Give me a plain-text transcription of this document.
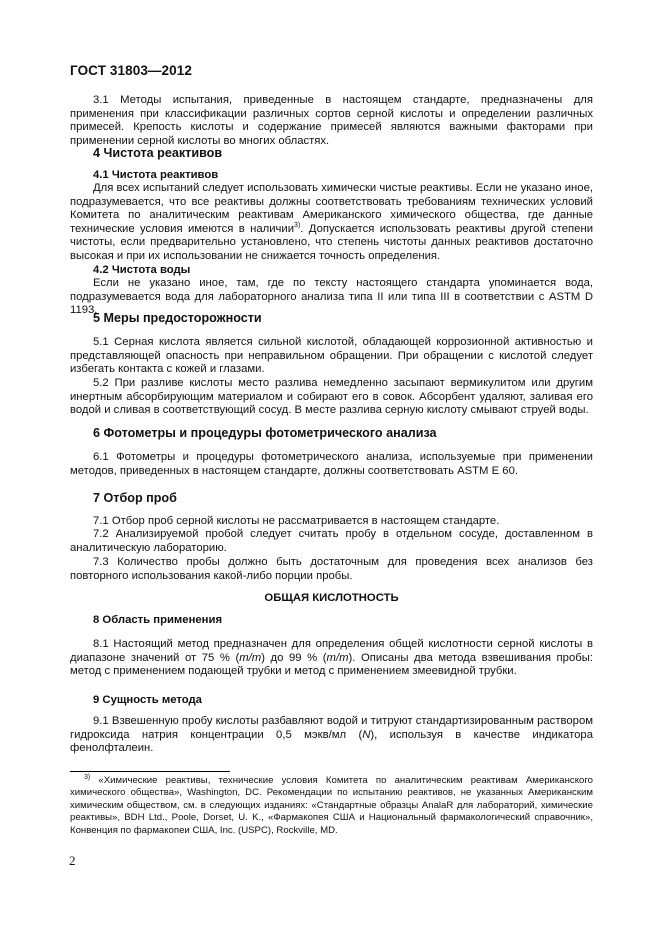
ГОСТ 31803—2012

3.1 Методы испытания, приведенные в настоящем стандарте, предназначены для применения при классификации различных сортов серной кислоты и определении различных примесей. Крепость кислоты и содержание примесей являются важными факторами при применении серной кислоты во многих областях.

4 Чистота реактивов

4.1 Чистота реактивов

Для всех испытаний следует использовать химически чистые реактивы. Если не указано иное, подразумевается, что все реактивы должны соответствовать требованиям технических условий Комитета по аналитическим реактивам Американского химического общества, где данные технические условия имеются в наличии$^{3)}$. Допускается использовать реактивы другой степени чистоты, если предварительно установлено, что степень чистоты данных реактивов достаточно высокая и при их использовании не снижается точность определения.

4.2 Чистота воды

Если не указано иное, там, где по тексту настоящего стандарта упоминается вода, подразумевается вода для лабораторного анализа типа II или типа III в соответствии с ASTM D 1193.

5 Меры предосторожности

5.1 Серная кислота является сильной кислотой, обладающей коррозионной активностью и представляющей опасность при неправильном обращении. При обращении с кислотой следует избегать контакта с кожей и глазами.

5.2 При разливе кислоты место разлива немедленно засыпают вермикулитом или другим инертным абсорбирующим материалом и собирают его в совок. Абсорбент удаляют, заливая его водой и сливая в соответствующий сосуд. В месте разлива серную кислоту смывают струей воды.

6 Фотометры и процедуры фотометрического анализа

6.1 Фотометры и процедуры фотометрического анализа, используемые при применении методов, приведенных в настоящем стандарте, должны соответствовать ASTM E 60.

7 Отбор проб

7.1 Отбор проб серной кислоты не рассматривается в настоящем стандарте.

7.2 Анализируемой пробой следует считать пробу в отдельном сосуде, доставленном в аналитическую лабораторию.

7.3 Количество пробы должно быть достаточным для проведения всех анализов без повторного использования какой-либо порции пробы.

ОБЩАЯ КИСЛОТНОСТЬ

8 Область применения

8.1 Настоящий метод предназначен для определения общей кислотности серной кислоты в диапазоне значений от 75 % (m/m) до 99 % (m/m). Описаны два метода взвешивания пробы: метод с применением подающей трубки и метод с применением змеевидной трубки.

9 Сущность метода

9.1 Взвешенную пробу кислоты разбавляют водой и титруют стандартизированным раствором гидроксида натрия концентрации 0,5 мэкв/мл (N), используя в качестве индикатора фенолфталеин.

$^{3)}$ «Химические реактивы, технические условия Комитета по аналитическим реактивам Американского химического общества», Washington, DC. Рекомендации по испытанию реактивов, не указанных Американским химическим обществом, см. в следующих изданиях: «Стандартные образцы AnalaR для лабораторий, химические реактивы», BDH Ltd., Poole, Dorset, U. K., «Фармакопея США и Национальный фармакологический справочник», Конвенция по фармакопеи США, Inc. (USPC), Rockville, MD.

2
